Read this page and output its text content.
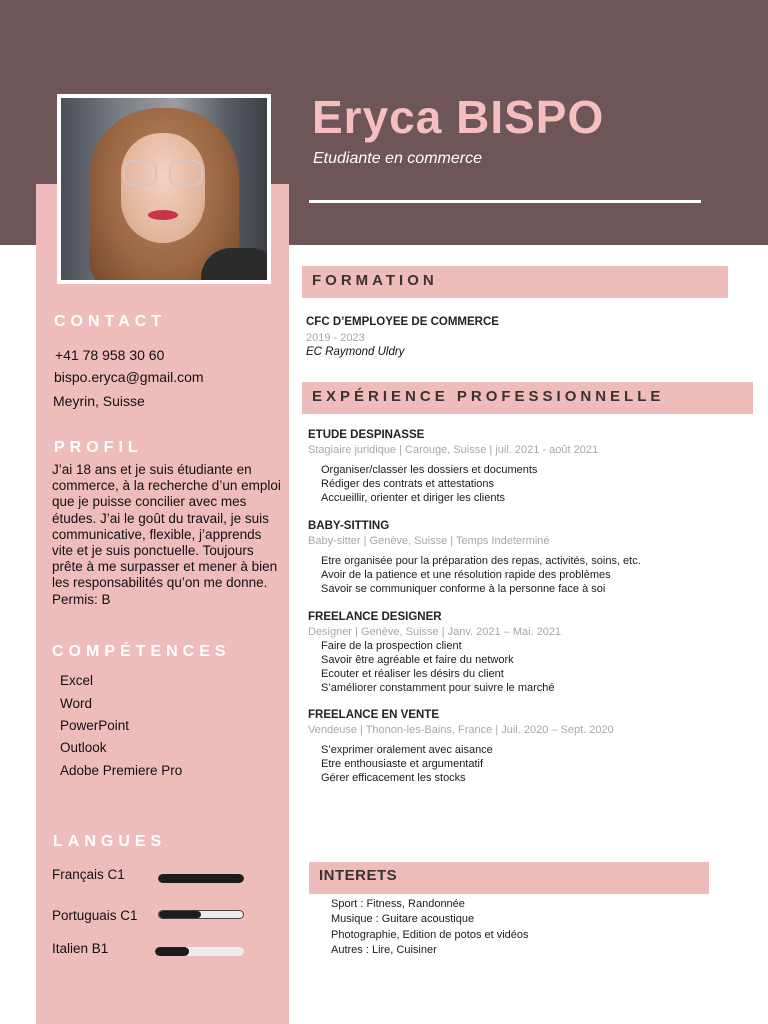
Eryca BISPO
Etudiante en commerce
CONTACT
+41 78 958 30 60
bispo.eryca@gmail.com
Meyrin, Suisse
PROFIL
J’ai 18 ans et je suis étudiante en commerce, à la recherche d’un emploi que je puisse concilier avec mes études. J’ai le goût du travail, je suis communicative, flexible, j’apprends vite et je suis ponctuelle. Toujours prête à me surpasser et mener à bien les responsabilités qu’on me donne. Permis: B
COMPÉTENCES
Excel
Word
PowerPoint
Outlook
Adobe Premiere Pro
LANGUES
Français C1
Portuguais C1
Italien B1
FORMATION
CFC D’EMPLOYEE DE COMMERCE
2019 - 2023
EC Raymond Uldry
EXPÉRIENCE PROFESSIONNELLE
ETUDE DESPINASSE
Stagiaire juridique | Carouge, Suisse | juil. 2021 - août 2021
Organiser/classer les dossiers et documents
Rédiger des contrats et attestations
Accueillir, orienter et diriger les clients
BABY-SITTING
Baby-sitter | Genève, Suisse | Temps Indeterminé
Etre organisée pour la préparation des repas, activités, soins, etc.
Avoir de la patience et une résolution rapide des problèmes
Savoir se communiquer conforme à la personne face à soi
FREELANCE DESIGNER
Designer | Genève, Suisse | Janv. 2021 – Mai. 2021
Faire de la prospection client
Savoir être agréable et faire du network
Ecouter et réaliser les désirs du client
S’améliorer constamment pour suivre le marché
FREELANCE EN VENTE
Vendeuse | Thonon-les-Bains, France | Juil. 2020 – Sept. 2020
S’exprimer oralement avec aisance
Etre enthousiaste et argumentatif
Gérer efficacement les stocks
INTERETS
Sport : Fitness, Randonnée
Musique : Guitare acoustique
Photographie, Edition de potos et vidéos
Autres : Lire, Cuisiner
